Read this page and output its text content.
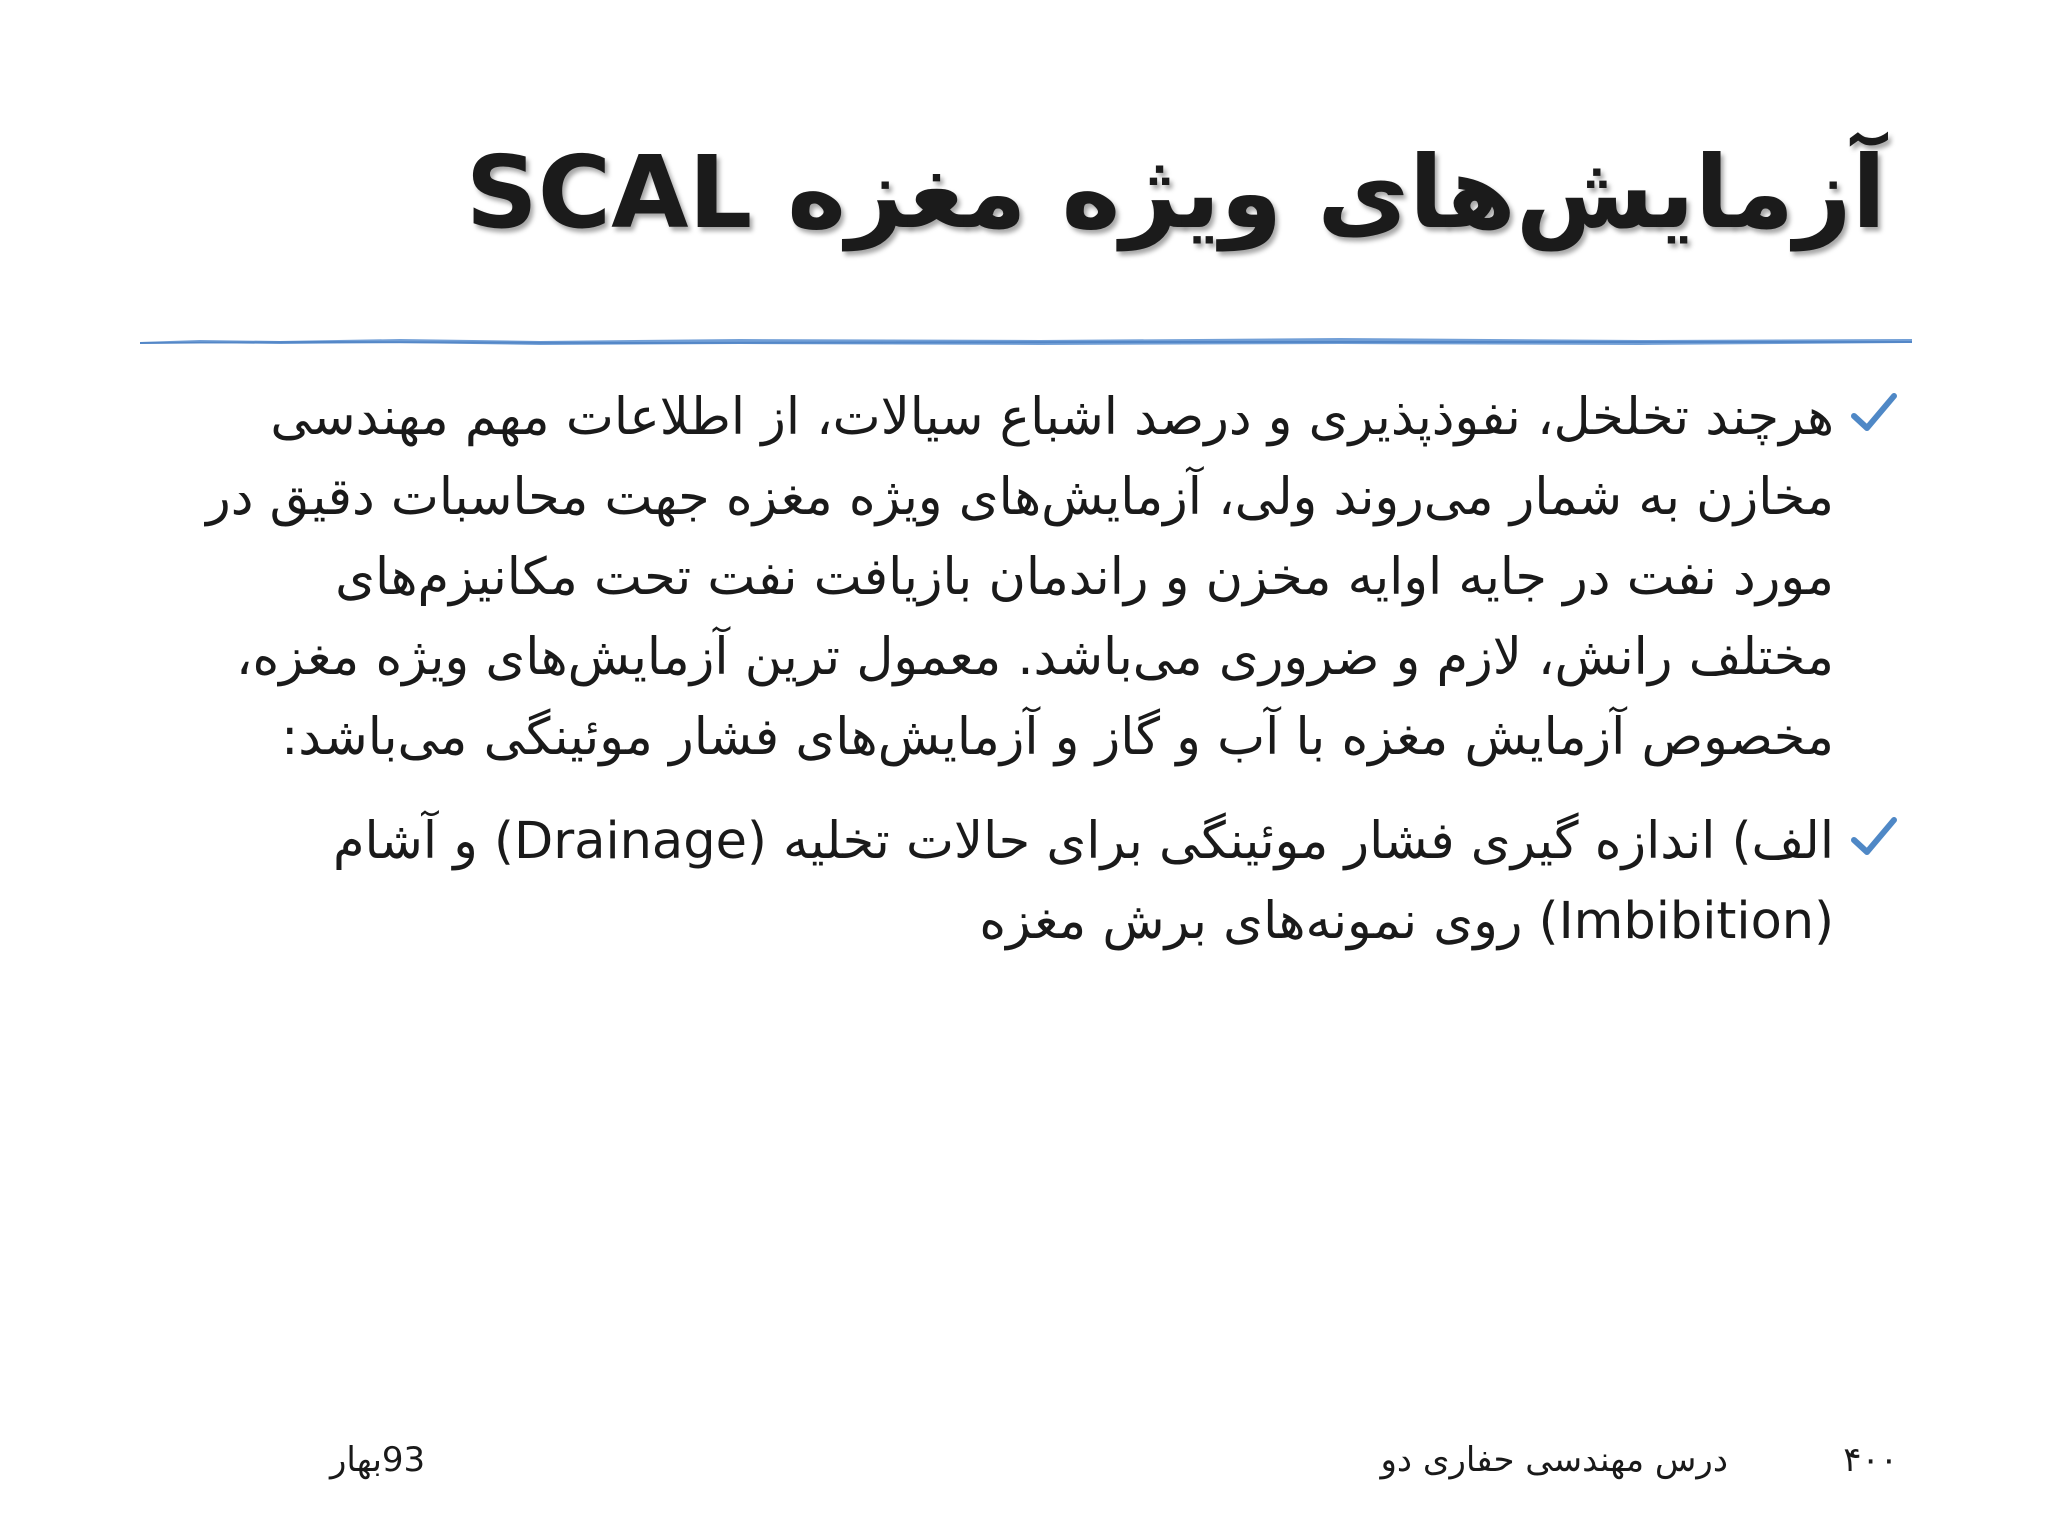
آزمایش‌های ویژه مغزه SCAL
هرچند تخلخل، نفوذپذیری و درصد اشباع سیالات، از اطلاعات مهم مهندسی مخازن به شمار می‌روند ولی، آزمایش‌های ویژه مغزه جهت محاسبات دقیق در مورد نفت در جایه اوایه مخزن و راندمان بازیافت نفت تحت مکانیزم‌های مختلف رانش، لازم و ضروری می‌باشد. معمول ترین آزمایش‌های ویژه مغزه، مخصوص آزمایش مغزه با آب و گاز و آزمایش‌های فشار موئینگی می‌باشد:
الف) اندازه گیری فشار موئینگی برای حالات تخلیه (Drainage) و آشام (Imbibition) روی نمونه‌های برش مغزه
۴۰۰
درس مهندسی حفاری دو
93بهار
